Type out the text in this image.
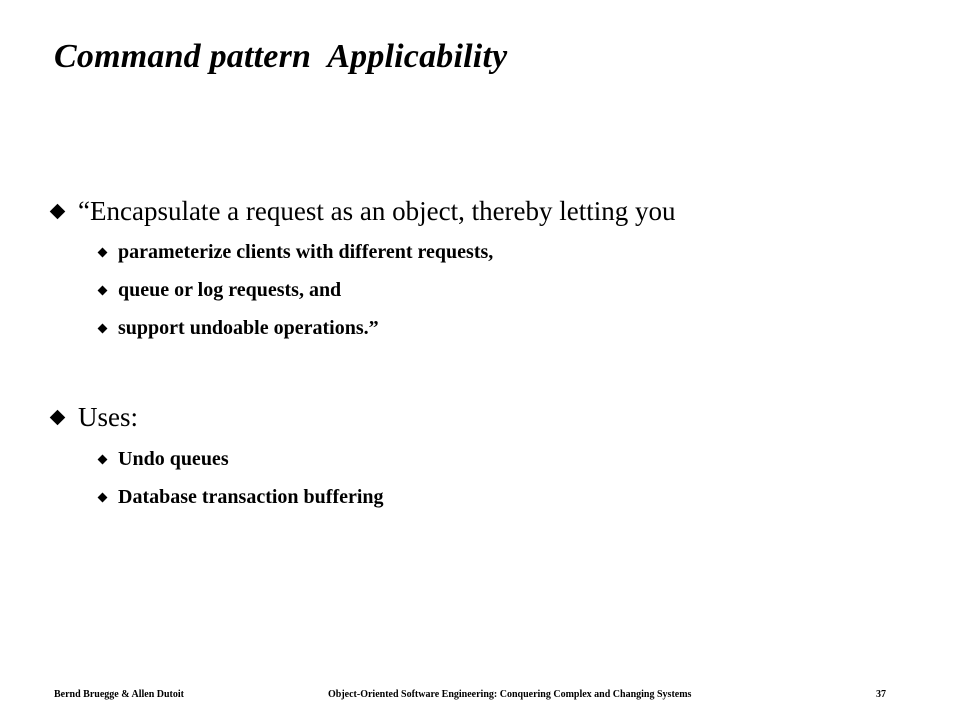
Command pattern  Applicability
“Encapsulate a request as an object, thereby letting you
parameterize clients with different requests,
queue or log requests, and
support undoable operations.”
Uses:
Undo queues
Database transaction buffering
Bernd Bruegge & Allen Dutoit	Object-Oriented Software Engineering: Conquering Complex and Changing Systems	37
